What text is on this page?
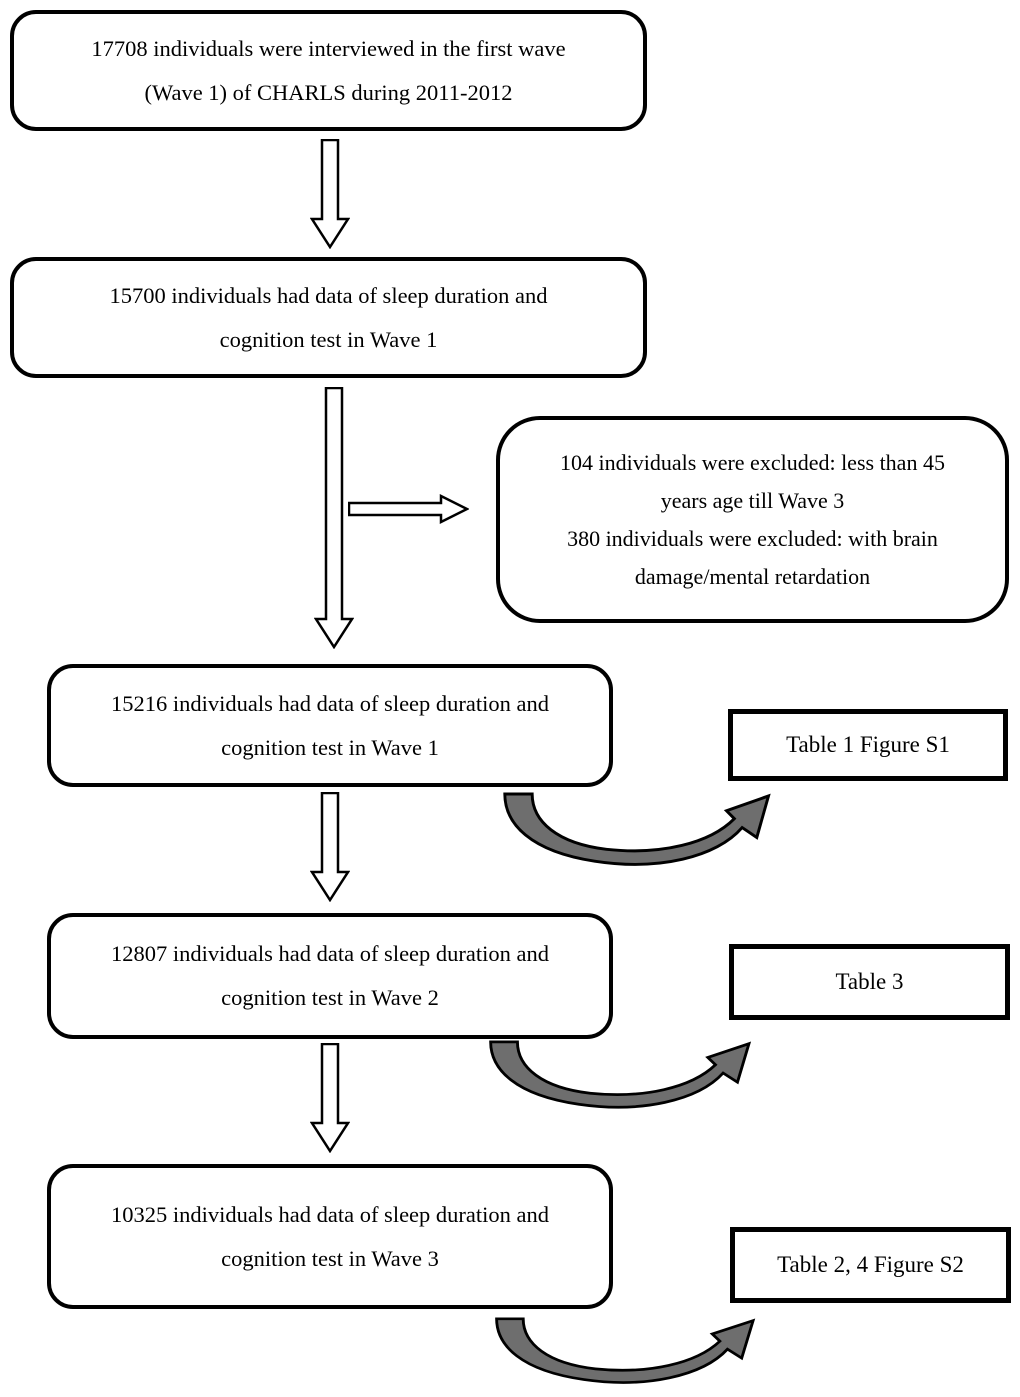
17708 individuals were interviewed in the first wave
(Wave 1) of CHARLS during 2011-2012
15700 individuals had data of sleep duration and
cognition test in Wave 1
104 individuals were excluded: less than 45
years age till Wave 3
380 individuals were excluded: with brain
damage/mental retardation
15216 individuals had data of sleep duration and
cognition test in Wave 1	Table 1 Figure S1
12807 individuals had data of sleep duration and
cognition test in Wave 2
Table 3
10325 individuals had data of sleep duration and
cognition test in Wave 3	Table 2, 4 Figure S2
